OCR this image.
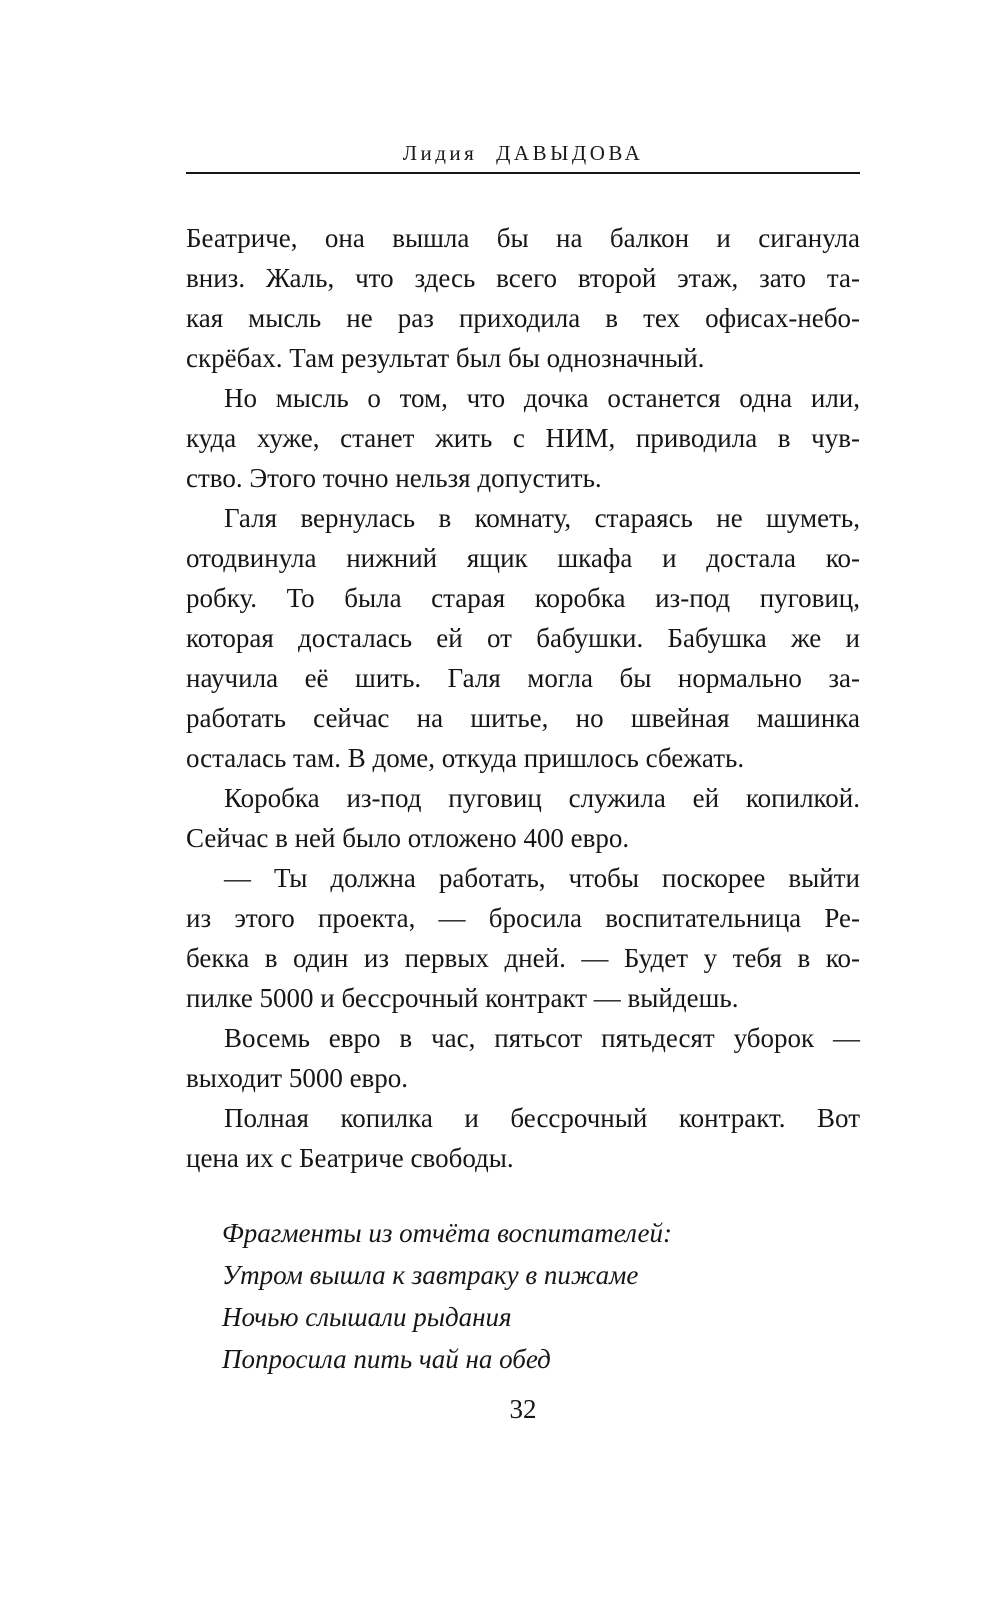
Лидия ДАВЫДОВА
Беатриче, она вышла бы на балкон и сиганула
вниз. Жаль, что здесь всего второй этаж, зато та-
кая мысль не раз приходила в тех офисах-небо-
скрёбах. Там результат был бы однозначный.
Но мысль о том, что дочка останется одна или,
куда хуже, станет жить с НИМ, приводила в чув-
ство. Этого точно нельзя допустить.
Галя вернулась в комнату, стараясь не шуметь,
отодвинула нижний ящик шкафа и достала ко-
робку. То была старая коробка из-под пуговиц,
которая досталась ей от бабушки. Бабушка же и
научила её шить. Галя могла бы нормально за-
работать сейчас на шитье, но швейная машинка
осталась там. В доме, откуда пришлось сбежать.
Коробка из-под пуговиц служила ей копилкой.
Сейчас в ней было отложено 400 евро.
— Ты должна работать, чтобы поскорее выйти
из этого проекта, — бросила воспитательница Ре-
бекка в один из первых дней. — Будет у тебя в ко-
пилке 5000 и бессрочный контракт — выйдешь.
Восемь евро в час, пятьсот пятьдесят уборок —
выходит 5000 евро.
Полная копилка и бессрочный контракт. Вот
цена их с Беатриче свободы.
Фрагменты из отчёта воспитателей:
Утром вышла к завтраку в пижаме
Ночью слышали рыдания
Попросила пить чай на обед
32
